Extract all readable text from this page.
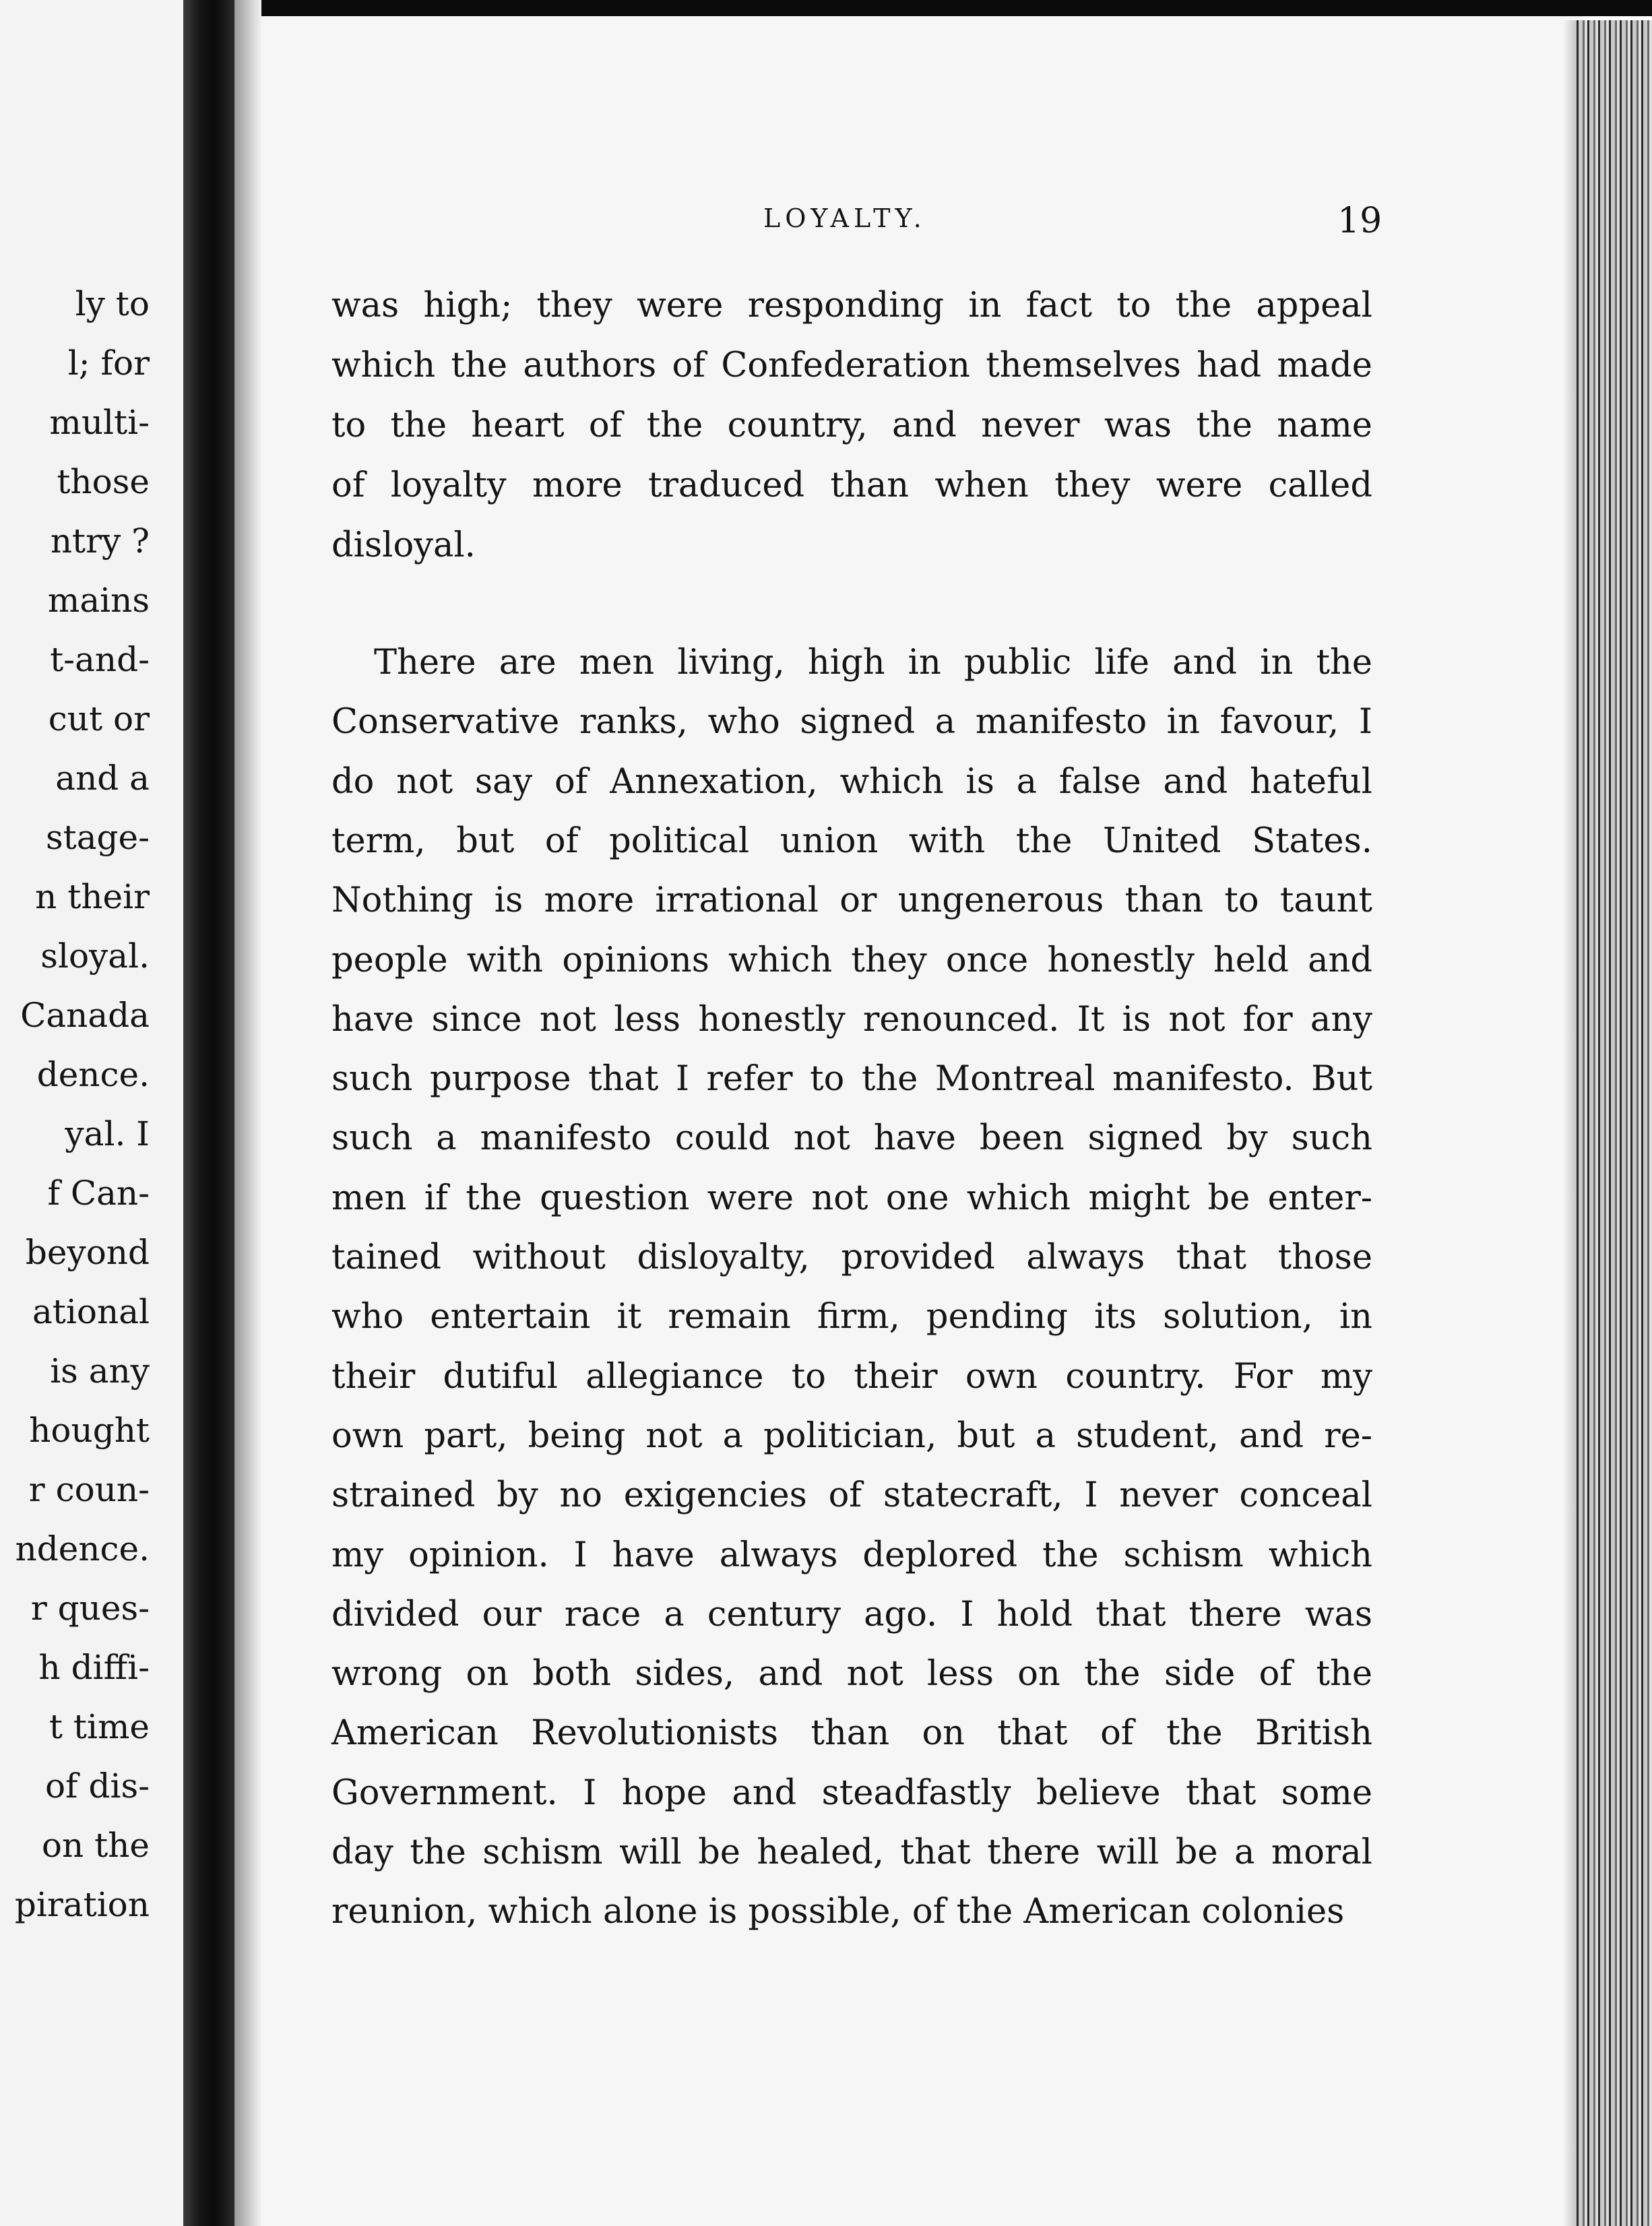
ly to
l; for
multi-
those
ntry ?
mains
t-and-
cut or
and a
stage-
n their
sloyal.
Canada
dence.
yal. I
f Can-
beyond
ational
is any
hought
r coun-
ndence.
r ques-
h diffi-
t time
of dis-
on the
piration
LOYALTY.	19
was high; they were responding in fact to the appeal
which the authors of Confederation themselves had made
to the heart of the country, and never was the name
of loyalty more traduced than when they were called
disloyal.
There are men living, high in public life and in the
Conservative ranks, who signed a manifesto in favour, I
do not say of Annexation, which is a false and hateful
term, but of political union with the United States.
Nothing is more irrational or ungenerous than to taunt
people with opinions which they once honestly held and
have since not less honestly renounced. It is not for any
such purpose that I refer to the Montreal manifesto. But
such a manifesto could not have been signed by such
men if the question were not one which might be enter-
tained without disloyalty, provided always that those
who entertain it remain firm, pending its solution, in
their dutiful allegiance to their own country. For my
own part, being not a politician, but a student, and re-
strained by no exigencies of statecraft, I never conceal
my opinion. I have always deplored the schism which
divided our race a century ago. I hold that there was
wrong on both sides, and not less on the side of the
American Revolutionists than on that of the British
Government. I hope and steadfastly believe that some
day the schism will be healed, that there will be a moral
reunion, which alone is possible, of the American colonies
